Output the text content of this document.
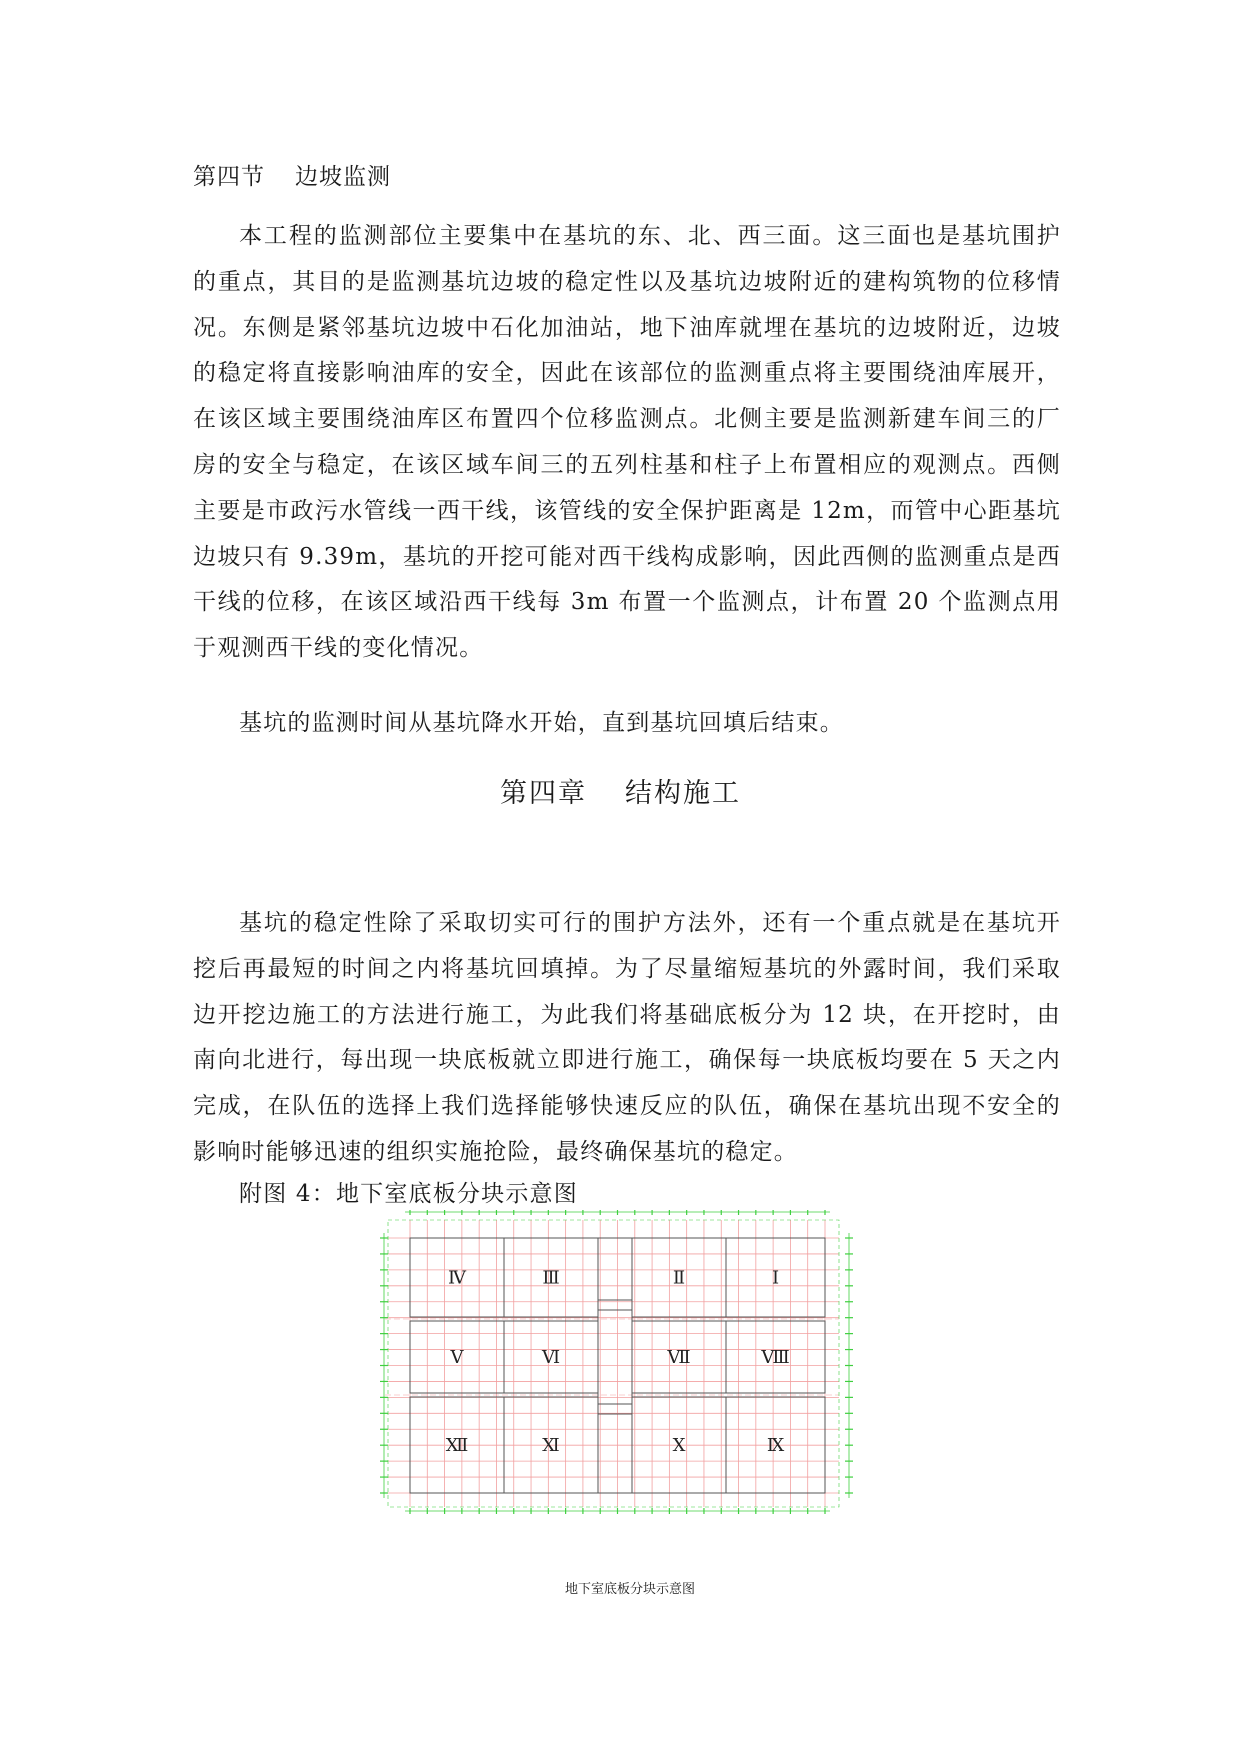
第四节 边坡监测

本工程的监测部位主要集中在基坑的东、北、西三面。这三面也是基坑围护的重点，其目的是监测基坑边坡的稳定性以及基坑边坡附近的建构筑物的位移情况。东侧是紧邻基坑边坡中石化加油站，地下油库就埋在基坑的边坡附近，边坡的稳定将直接影响油库的安全，因此在该部位的监测重点将主要围绕油库展开，在该区域主要围绕油库区布置四个位移监测点。北侧主要是监测新建车间三的厂房的安全与稳定，在该区域车间三的五列柱基和柱子上布置相应的观测点。西侧主要是市政污水管线一西干线，该管线的安全保护距离是 12m，而管中心距基坑边坡只有 9.39m，基坑的开挖可能对西干线构成影响，因此西侧的监测重点是西干线的位移，在该区域沿西干线每 3m 布置一个监测点，计布置 20 个监测点用于观测西干线的变化情况。

基坑的监测时间从基坑降水开始，直到基坑回填后结束。

第四章 结构施工

基坑的稳定性除了采取切实可行的围护方法外，还有一个重点就是在基坑开挖后再最短的时间之内将基坑回填掉。为了尽量缩短基坑的外露时间，我们采取边开挖边施工的方法进行施工，为此我们将基础底板分为 12 块，在开挖时，由南向北进行，每出现一块底板就立即进行施工，确保每一块底板均要在 5 天之内完成，在队伍的选择上我们选择能够快速反应的队伍，确保在基坑出现不安全的影响时能够迅速的组织实施抢险，最终确保基坑的稳定。

附图 4：地下室底板分块示意图

Ⅳ	Ⅲ	Ⅱ	Ⅰ
Ⅴ	Ⅵ	Ⅶ	Ⅷ
Ⅻ	Ⅺ	Ⅹ	Ⅸ
地下室底板分块示意图
